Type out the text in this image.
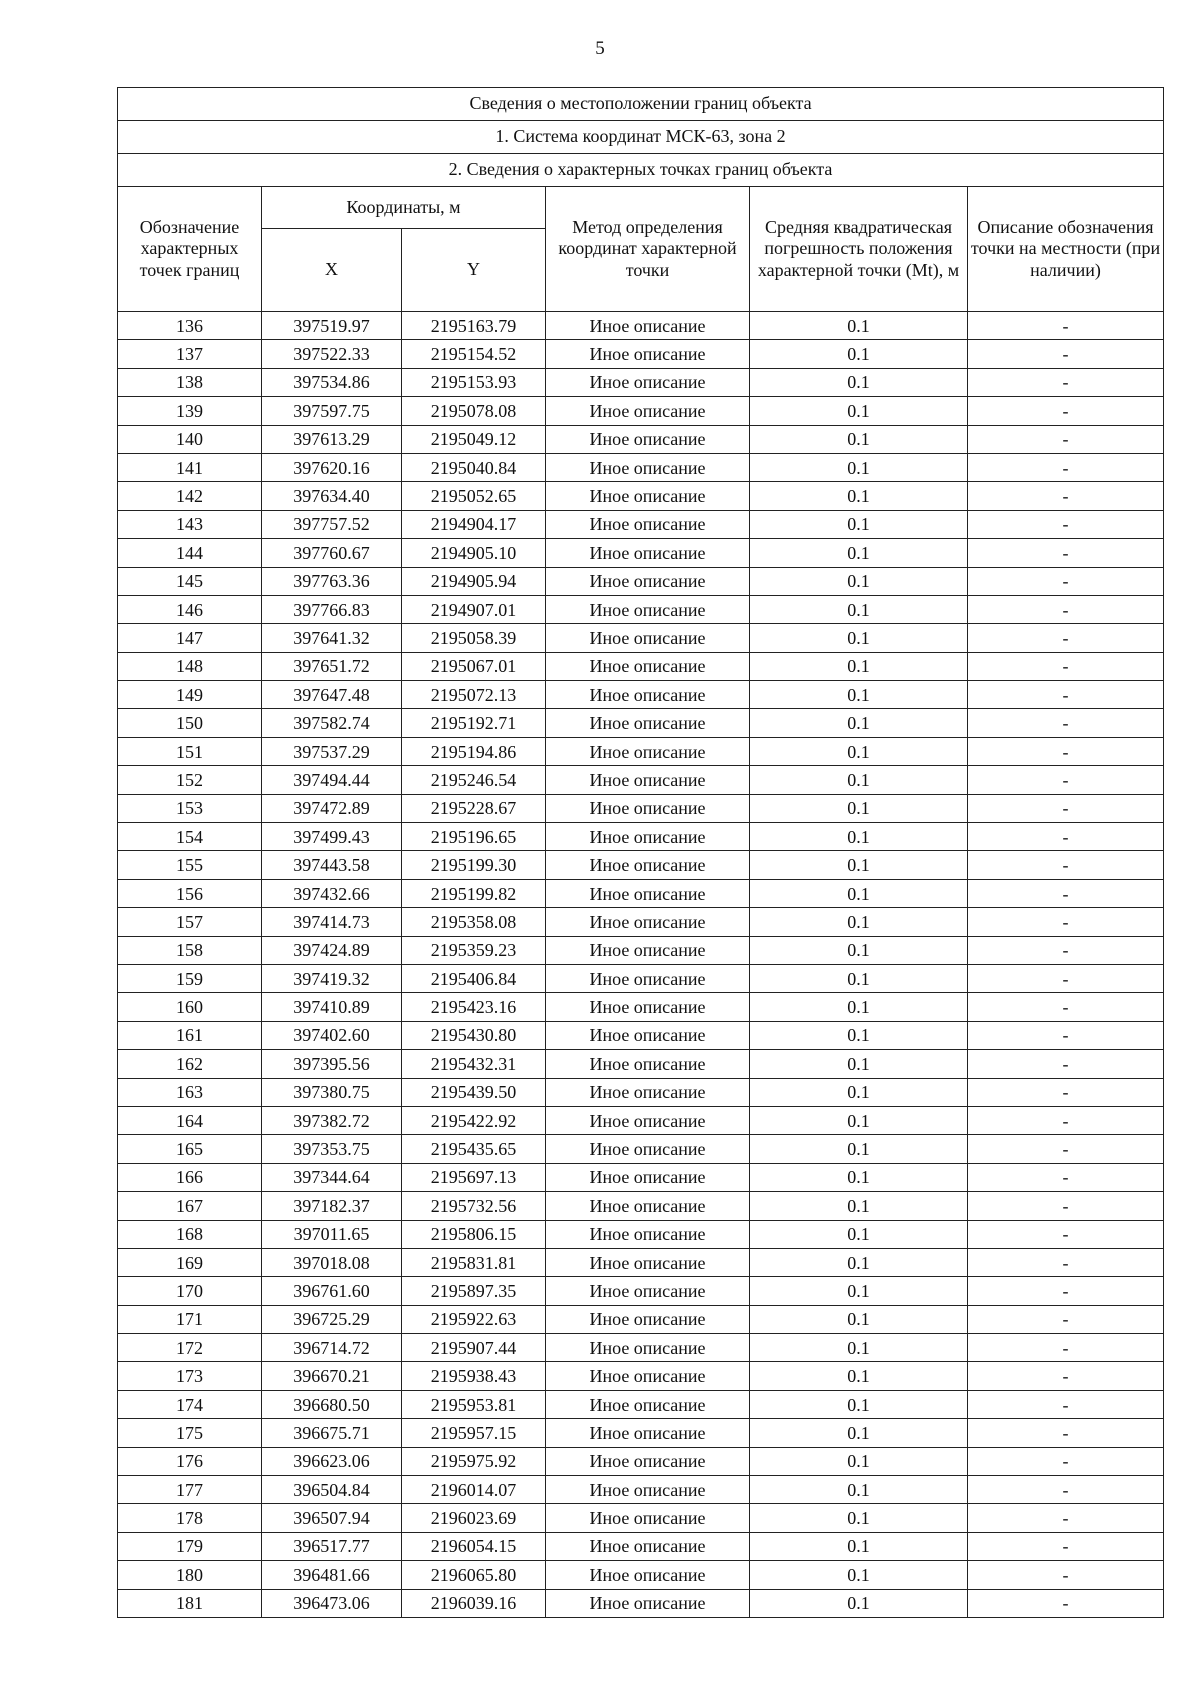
5
Сведения о местоположении границ объекта					
1. Система координат МСК-63, зона 2					
2. Сведения о характерных точках границ объекта					
Обозначение характерных точек границ	Координаты, м		Метод определения координат характерной точки	Средняя квадратическая погрешность положения характерной точки (Mt), м	Описание обозначения точки на местности (при наличии)
	X	Y			
136	397519.97	2195163.79	Иное описание	0.1	-
137	397522.33	2195154.52	Иное описание	0.1	-
138	397534.86	2195153.93	Иное описание	0.1	-
139	397597.75	2195078.08	Иное описание	0.1	-
140	397613.29	2195049.12	Иное описание	0.1	-
141	397620.16	2195040.84	Иное описание	0.1	-
142	397634.40	2195052.65	Иное описание	0.1	-
143	397757.52	2194904.17	Иное описание	0.1	-
144	397760.67	2194905.10	Иное описание	0.1	-
145	397763.36	2194905.94	Иное описание	0.1	-
146	397766.83	2194907.01	Иное описание	0.1	-
147	397641.32	2195058.39	Иное описание	0.1	-
148	397651.72	2195067.01	Иное описание	0.1	-
149	397647.48	2195072.13	Иное описание	0.1	-
150	397582.74	2195192.71	Иное описание	0.1	-
151	397537.29	2195194.86	Иное описание	0.1	-
152	397494.44	2195246.54	Иное описание	0.1	-
153	397472.89	2195228.67	Иное описание	0.1	-
154	397499.43	2195196.65	Иное описание	0.1	-
155	397443.58	2195199.30	Иное описание	0.1	-
156	397432.66	2195199.82	Иное описание	0.1	-
157	397414.73	2195358.08	Иное описание	0.1	-
158	397424.89	2195359.23	Иное описание	0.1	-
159	397419.32	2195406.84	Иное описание	0.1	-
160	397410.89	2195423.16	Иное описание	0.1	-
161	397402.60	2195430.80	Иное описание	0.1	-
162	397395.56	2195432.31	Иное описание	0.1	-
163	397380.75	2195439.50	Иное описание	0.1	-
164	397382.72	2195422.92	Иное описание	0.1	-
165	397353.75	2195435.65	Иное описание	0.1	-
166	397344.64	2195697.13	Иное описание	0.1	-
167	397182.37	2195732.56	Иное описание	0.1	-
168	397011.65	2195806.15	Иное описание	0.1	-
169	397018.08	2195831.81	Иное описание	0.1	-
170	396761.60	2195897.35	Иное описание	0.1	-
171	396725.29	2195922.63	Иное описание	0.1	-
172	396714.72	2195907.44	Иное описание	0.1	-
173	396670.21	2195938.43	Иное описание	0.1	-
174	396680.50	2195953.81	Иное описание	0.1	-
175	396675.71	2195957.15	Иное описание	0.1	-
176	396623.06	2195975.92	Иное описание	0.1	-
177	396504.84	2196014.07	Иное описание	0.1	-
178	396507.94	2196023.69	Иное описание	0.1	-
179	396517.77	2196054.15	Иное описание	0.1	-
180	396481.66	2196065.80	Иное описание	0.1	-
181	396473.06	2196039.16	Иное описание	0.1	-
